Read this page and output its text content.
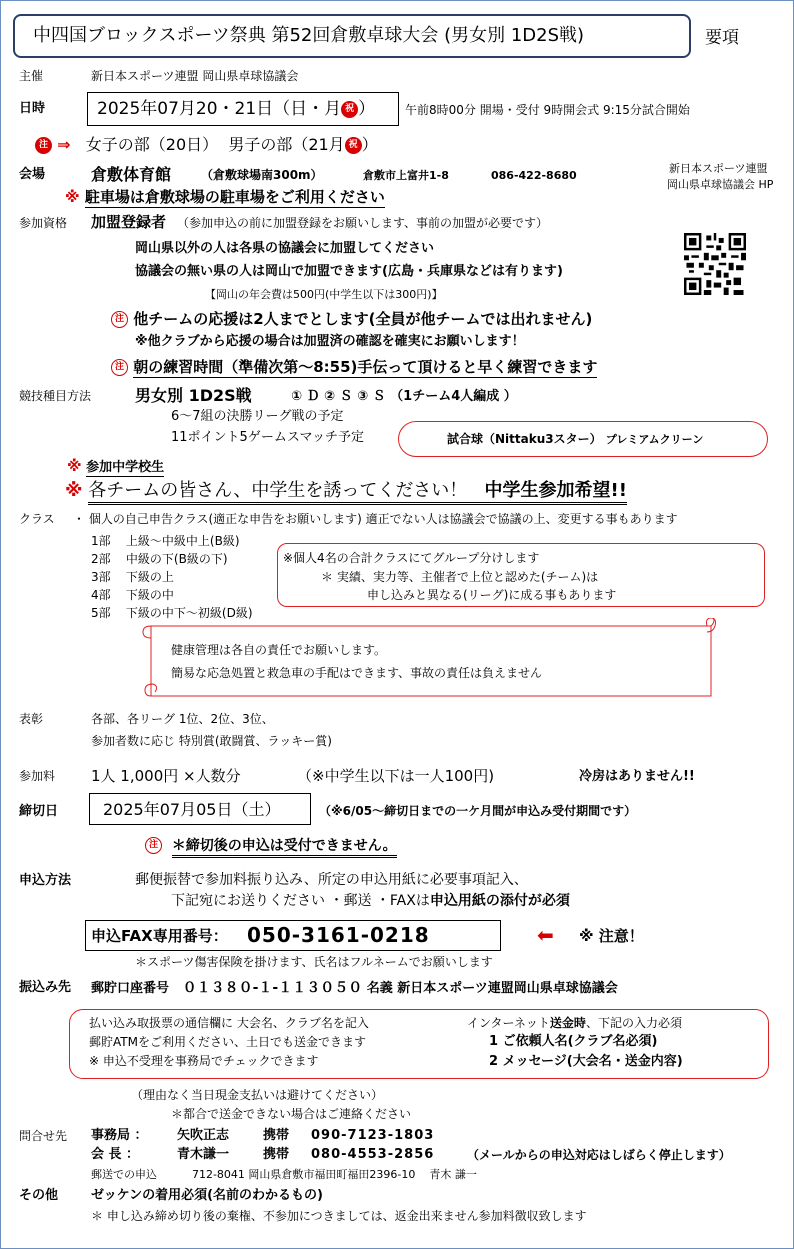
中四国ブロックスポーツ祭典 第52回倉敷卓球大会 (男女別 1D2S戦)	要項
主催	新日本スポーツ連盟 岡山県卓球協議会
日時	2025年07月20・21日（日・月 祝 ） 午前8時00分 開場・受付 9時開会式 9:15分試合開始
注 ⇒ 女子の部（20日） 男子の部（21月 祝 ）
会場	倉敷体育館 （倉敷球場南300m）	倉敷市上富井1-8	086-422-8680
新日本スポーツ連盟
岡山県卓球協議会 HP
※ 駐車場は倉敷球場の駐車場をご利用ください
参加資格 加盟登録者 （参加申込の前に加盟登録をお願いします、事前の加盟が必要です）
岡山県以外の人は各県の協議会に加盟してください
協議会の無い県の人は岡山で加盟できます(広島・兵庫県などは有ります)
【岡山の年会費は500円(中学生以下は300円)】
注 他チームの応援は2人までとします(全員が他チームでは出れません)
※他クラブから応援の場合は加盟済の確認を確実にお願いします！
注 朝の練習時間（準備次第～8:55)手伝って頂けると早く練習できます
競技種目方法	男女別 1D2S戦	① Ｄ ② Ｓ ③ Ｓ （1チーム4人編成 ）
6～7組の決勝リーグ戦の予定
11ポイント5ゲームスマッチ予定	試合球（Nittaku3スター） プレミアムクリーン
※ 参加中学校生
※ 各チームの皆さん、中学生を誘ってください！ 中学生参加希望!!
クラス ・ 個人の自己申告クラス(適正な申告をお願いします) 適正でない人は協議会で協議の上、変更する事もあります
1部 上級～中級中上(B級)
2部 中級の下(B級の下)
3部 下級の上
4部 下級の中
5部 下級の中下～初級(D級)
※個人4名の合計クラスにてグループ分けします
＊ 実績、実力等、主催者で上位と認めた(チーム)は
申し込みと異なる(リーグ)に成る事もあります
健康管理は各自の責任でお願いします。
簡易な応急処置と救急車の手配はできます、事故の責任は負えません
表彰	各部、各リーグ 1位、2位、3位、
参加者数に応じ 特別賞(敢闘賞、ラッキー賞)
参加料 1人 1,000円 ×人数分	（※中学生以下は一人100円)	冷房はありません!!
締切日	2025年07月05日（土）	（※6/05～締切日までの一ケ月間が申込み受付期間です）
注 ＊締切後の申込は受付できません。
申込方法	郵便振替で参加料振り込み、所定の申込用紙に必要事項記入、
下記宛にお送りください ・郵送 ・FAXは申込用紙の添付が必須
申込FAX専用番号： 050-3161-0218	⬅ ※ 注意！
＊スポーツ傷害保険を掛けます、氏名はフルネームでお願いします
振込み先 郵貯口座番号 ０１３８０-１-１１３０５０ 名義 新日本スポーツ連盟岡山県卓球協議会
払い込み取扱票の通信欄に 大会名、クラブ名を記入
郵貯ATMをご利用ください、土日でも送金できます
※ 申込不受理を事務局でチェックできます
インターネット送金時、下記の入力必須
1 ご依頼人名(クラブ名必須)
2 メッセージ(大会名・送金内容)
（理由なく当日現金支払いは避けてください）
＊都合で送金できない場合はご連絡ください
問合せ先 事務局 ： 矢吹正志	携帯 090-7123-1803
会 長 ：	青木謙一	携帯 080-4553-2856	（メールからの申込対応はしばらく停止します）
郵送での申込	712-8041 岡山県倉敷市福田町福田2396-10 青木 謙一
その他	ゼッケンの着用必須(名前のわかるもの)
＊ 申し込み締め切り後の棄権、不参加につきましては、返金出来ません参加料徴収致します
